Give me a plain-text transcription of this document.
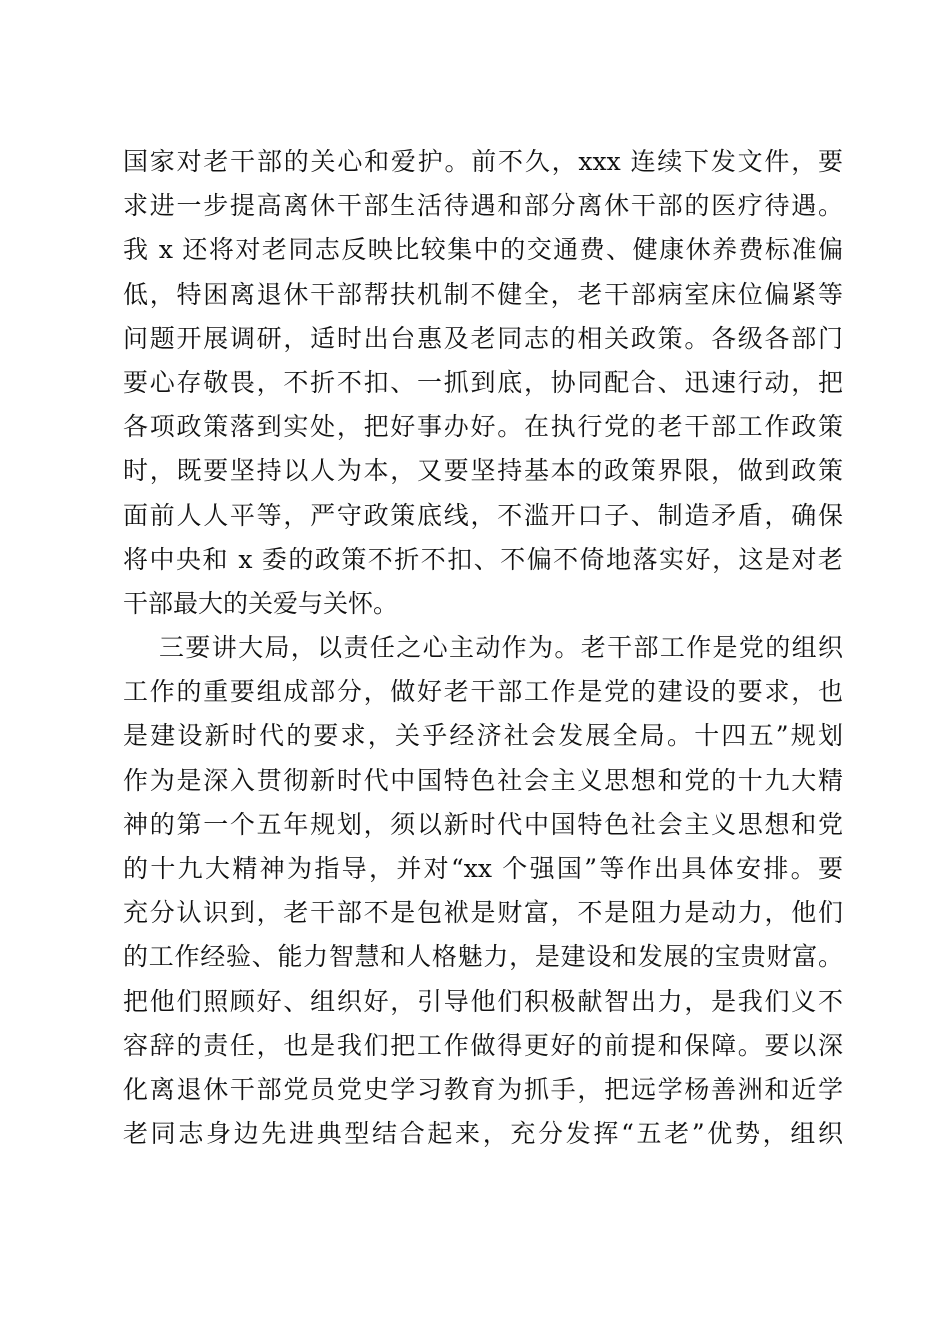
国家对老干部的关心和爱护。前不久，xxx 连续下发文件，要
求进一步提高离休干部生活待遇和部分离休干部的医疗待遇。
我 x 还将对老同志反映比较集中的交通费、健康休养费标准偏
低，特困离退休干部帮扶机制不健全，老干部病室床位偏紧等
问题开展调研，适时出台惠及老同志的相关政策。各级各部门
要心存敬畏，不折不扣、一抓到底，协同配合、迅速行动，把
各项政策落到实处，把好事办好。在执行党的老干部工作政策
时，既要坚持以人为本，又要坚持基本的政策界限，做到政策
面前人人平等，严守政策底线，不滥开口子、制造矛盾，确保
将中央和 x 委的政策不折不扣、不偏不倚地落实好，这是对老
干部最大的关爱与关怀。
三要讲大局，以责任之心主动作为。老干部工作是党的组织
工作的重要组成部分，做好老干部工作是党的建设的要求，也
是建设新时代的要求，关乎经济社会发展全局。十四五”规划
作为是深入贯彻新时代中国特色社会主义思想和党的十九大精
神的第一个五年规划，须以新时代中国特色社会主义思想和党
的十九大精神为指导，并对“xx 个强国”等作出具体安排。要
充分认识到，老干部不是包袱是财富，不是阻力是动力，他们
的工作经验、能力智慧和人格魅力，是建设和发展的宝贵财富。
把他们照顾好、组织好，引导他们积极献智出力，是我们义不
容辞的责任，也是我们把工作做得更好的前提和保障。要以深
化离退休干部党员党史学习教育为抓手，把远学杨善洲和近学
老同志身边先进典型结合起来，充分发挥“五老”优势，组织
